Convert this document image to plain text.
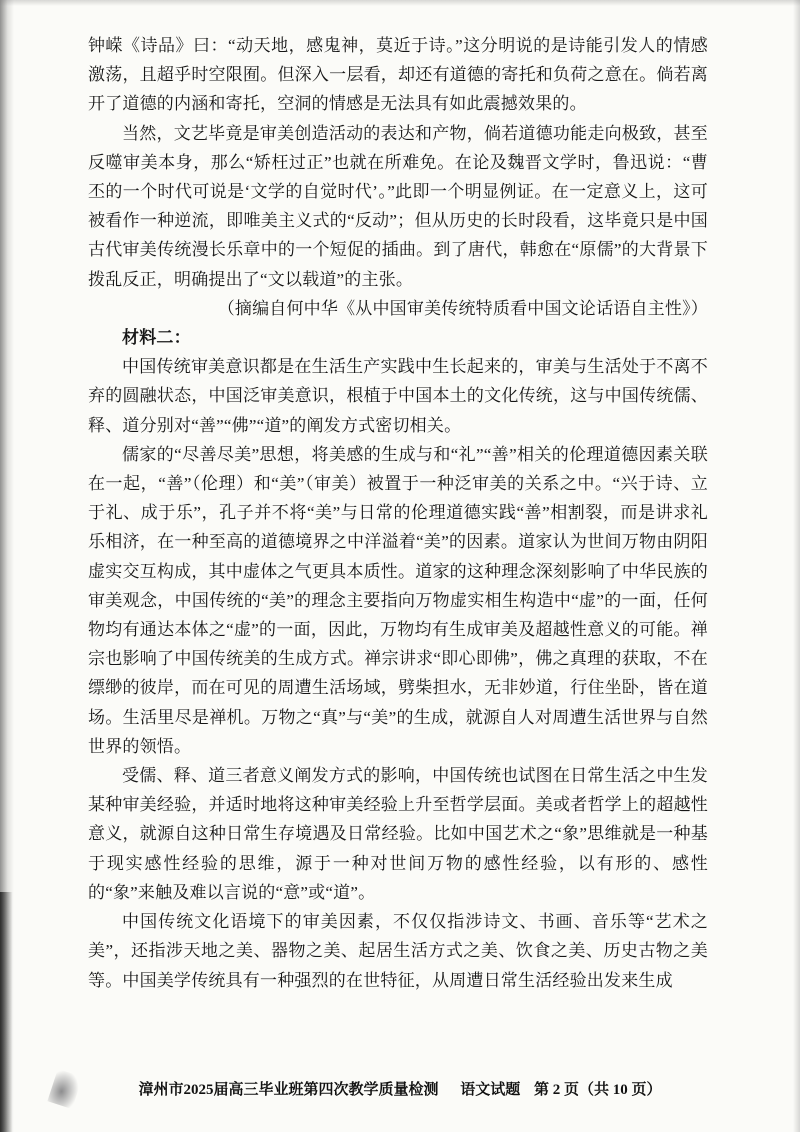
钟嵘《诗品》曰：“动天地，感鬼神，莫近于诗。”这分明说的是诗能引发人的情感激荡，且超乎时空限囿。但深入一层看，却还有道德的寄托和负荷之意在。倘若离开了道德的内涵和寄托，空洞的情感是无法具有如此震撼效果的。

当然，文艺毕竟是审美创造活动的表达和产物，倘若道德功能走向极致，甚至反噬审美本身，那么“矫枉过正”也就在所难免。在论及魏晋文学时，鲁迅说：“曹丕的一个时代可说是‘文学的自觉时代’。”此即一个明显例证。在一定意义上，这可被看作一种逆流，即唯美主义式的“反动”；但从历史的长时段看，这毕竟只是中国古代审美传统漫长乐章中的一个短促的插曲。到了唐代，韩愈在“原儒”的大背景下拨乱反正，明确提出了“文以载道”的主张。

（摘编自何中华《从中国审美传统特质看中国文论话语自主性》）

材料二：

中国传统审美意识都是在生活生产实践中生长起来的，审美与生活处于不离不弃的圆融状态，中国泛审美意识，根植于中国本土的文化传统，这与中国传统儒、释、道分别对“善”“佛”“道”的阐发方式密切相关。

儒家的“尽善尽美”思想，将美感的生成与和“礼”“善”相关的伦理道德因素关联在一起，“善”（伦理）和“美”（审美）被置于一种泛审美的关系之中。“兴于诗、立于礼、成于乐”，孔子并不将“美”与日常的伦理道德实践“善”相割裂，而是讲求礼乐相济，在一种至高的道德境界之中洋溢着“美”的因素。道家认为世间万物由阴阳虚实交互构成，其中虚体之气更具本质性。道家的这种理念深刻影响了中华民族的审美观念，中国传统的“美”的理念主要指向万物虚实相生构造中“虚”的一面，任何物均有通达本体之“虚”的一面，因此，万物均有生成审美及超越性意义的可能。禅宗也影响了中国传统美的生成方式。禅宗讲求“即心即佛”，佛之真理的获取，不在缥缈的彼岸，而在可见的周遭生活场域，劈柴担水，无非妙道，行住坐卧，皆在道场。生活里尽是禅机。万物之“真”与“美”的生成，就源自人对周遭生活世界与自然世界的领悟。

受儒、释、道三者意义阐发方式的影响，中国传统也试图在日常生活之中生发某种审美经验，并适时地将这种审美经验上升至哲学层面。美或者哲学上的超越性意义，就源自这种日常生存境遇及日常经验。比如中国艺术之“象”思维就是一种基于现实感性经验的思维，源于一种对世间万物的感性经验，以有形的、感性的“象”来触及难以言说的“意”或“道”。

中国传统文化语境下的审美因素，不仅仅指涉诗文、书画、音乐等“艺术之美”，还指涉天地之美、器物之美、起居生活方式之美、饮食之美、历史古物之美等。中国美学传统具有一种强烈的在世特征，从周遭日常生活经验出发来生成

漳州市2025届高三毕业班第四次教学质量检测 语文试题 第 2 页（共 10 页）
